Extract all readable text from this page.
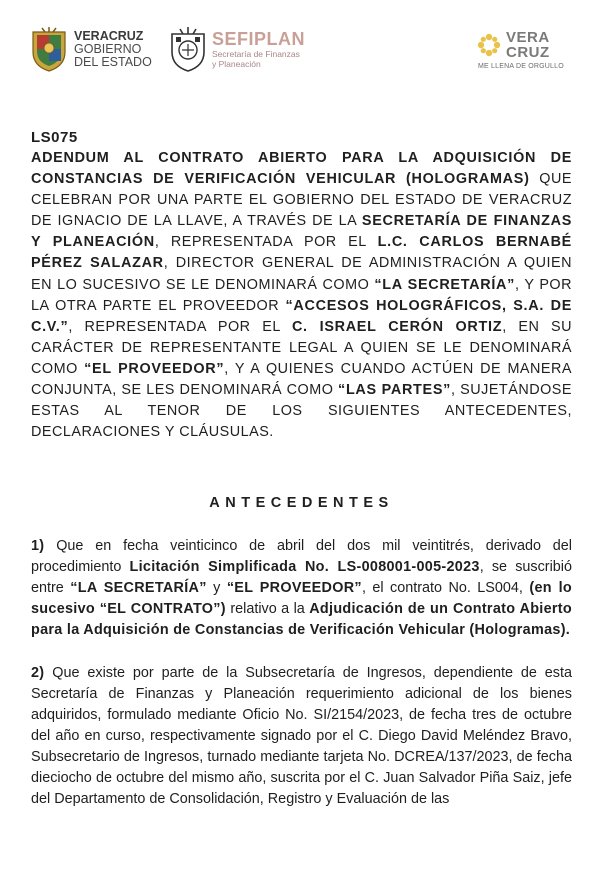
VERACRUZ
GOBIERNO
DEL ESTADO
SEFIPLAN
Secretaría de Finanzas
y Planeación
VERA
CRUZ
ME LLENA DE ORGULLO
LS075

ADENDUM AL CONTRATO ABIERTO PARA LA ADQUISICIÓN DE CONSTANCIAS DE VERIFICACIÓN VEHICULAR (HOLOGRAMAS) QUE CELEBRAN POR UNA PARTE EL GOBIERNO DEL ESTADO DE VERACRUZ DE IGNACIO DE LA LLAVE, A TRAVÉS DE LA SECRETARÍA DE FINANZAS Y PLANEACIÓN, REPRESENTADA POR EL L.C. CARLOS BERNABÉ PÉREZ SALAZAR, DIRECTOR GENERAL DE ADMINISTRACIÓN A QUIEN EN LO SUCESIVO SE LE DENOMINARÁ COMO “LA SECRETARÍA”, Y POR LA OTRA PARTE EL PROVEEDOR “ACCESOS HOLOGRÁFICOS, S.A. DE C.V.”, REPRESENTADA POR EL C. ISRAEL CERÓN ORTIZ, EN SU CARÁCTER DE REPRESENTANTE LEGAL A QUIEN SE LE DENOMINARÁ COMO “EL PROVEEDOR”, Y A QUIENES CUANDO ACTÚEN DE MANERA CONJUNTA, SE LES DENOMINARÁ COMO “LAS PARTES”, SUJETÁNDOSE ESTAS AL TENOR DE LOS SIGUIENTES ANTECEDENTES, DECLARACIONES Y CLÁUSULAS.

ANTECEDENTES

1) Que en fecha veinticinco de abril del dos mil veintitrés, derivado del procedimiento Licitación Simplificada No. LS-008001-005-2023, se suscribió entre “LA SECRETARÍA” y “EL PROVEEDOR”, el contrato No. LS004, (en lo sucesivo “EL CONTRATO”) relativo a la Adjudicación de un Contrato Abierto para la Adquisición de Constancias de Verificación Vehicular (Hologramas).

2) Que existe por parte de la Subsecretaría de Ingresos, dependiente de esta Secretaría de Finanzas y Planeación requerimiento adicional de los bienes adquiridos, formulado mediante Oficio No. SI/2154/2023, de fecha tres de octubre del año en curso, respectivamente signado por el C. Diego David Meléndez Bravo, Subsecretario de Ingresos, turnado mediante tarjeta No. DCREA/137/2023, de fecha dieciocho de octubre del mismo año, suscrita por el C. Juan Salvador Piña Saiz, jefe del Departamento de Consolidación, Registro y Evaluación de las
